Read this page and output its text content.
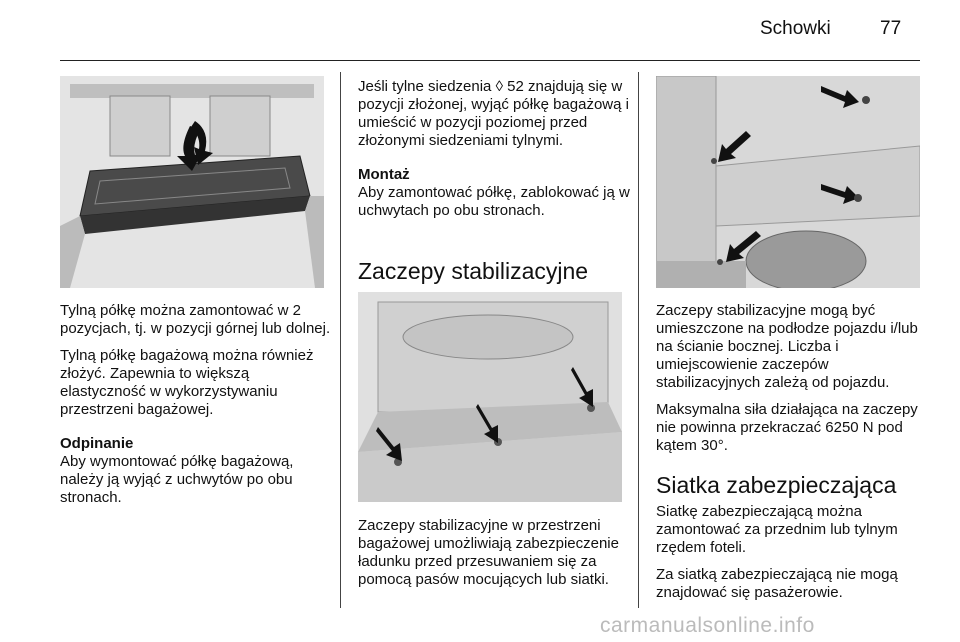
Schowki	77

Tylną półkę można zamontować w 2 pozycjach, tj. w pozycji górnej lub dolnej.

Tylną półkę bagażową można również złożyć. Zapewnia to większą elastyczność w wykorzystywaniu przestrzeni bagażowej.

Odpinanie

Aby wymontować półkę bagażową, należy ją wyjąć z uchwytów po obu stronach.

Jeśli tylne siedzenia ◊ 52 znajdują się w pozycji złożonej, wyjąć półkę bagażową i umieścić w pozycji poziomej przed złożonymi siedzeniami tylnymi.

Montaż

Aby zamontować półkę, zablokować ją w uchwytach po obu stronach.

Zaczepy stabilizacyjne

Zaczepy stabilizacyjne w przestrzeni bagażowej umożliwiają zabezpieczenie ładunku przed przesuwaniem się za pomocą pasów mocujących lub siatki.

Zaczepy stabilizacyjne mogą być umieszczone na podłodze pojazdu i/lub na ścianie bocznej. Liczba i umiejscowienie zaczepów stabilizacyjnych zależą od pojazdu.

Maksymalna siła działająca na zaczepy nie powinna przekraczać 6250 N pod kątem 30°.

Siatka zabezpieczająca

Siatkę zabezpieczającą można zamontować za przednim lub tylnym rzędem foteli.

Za siatką zabezpieczającą nie mogą znajdować się pasażerowie.

carmanualsonline.info
